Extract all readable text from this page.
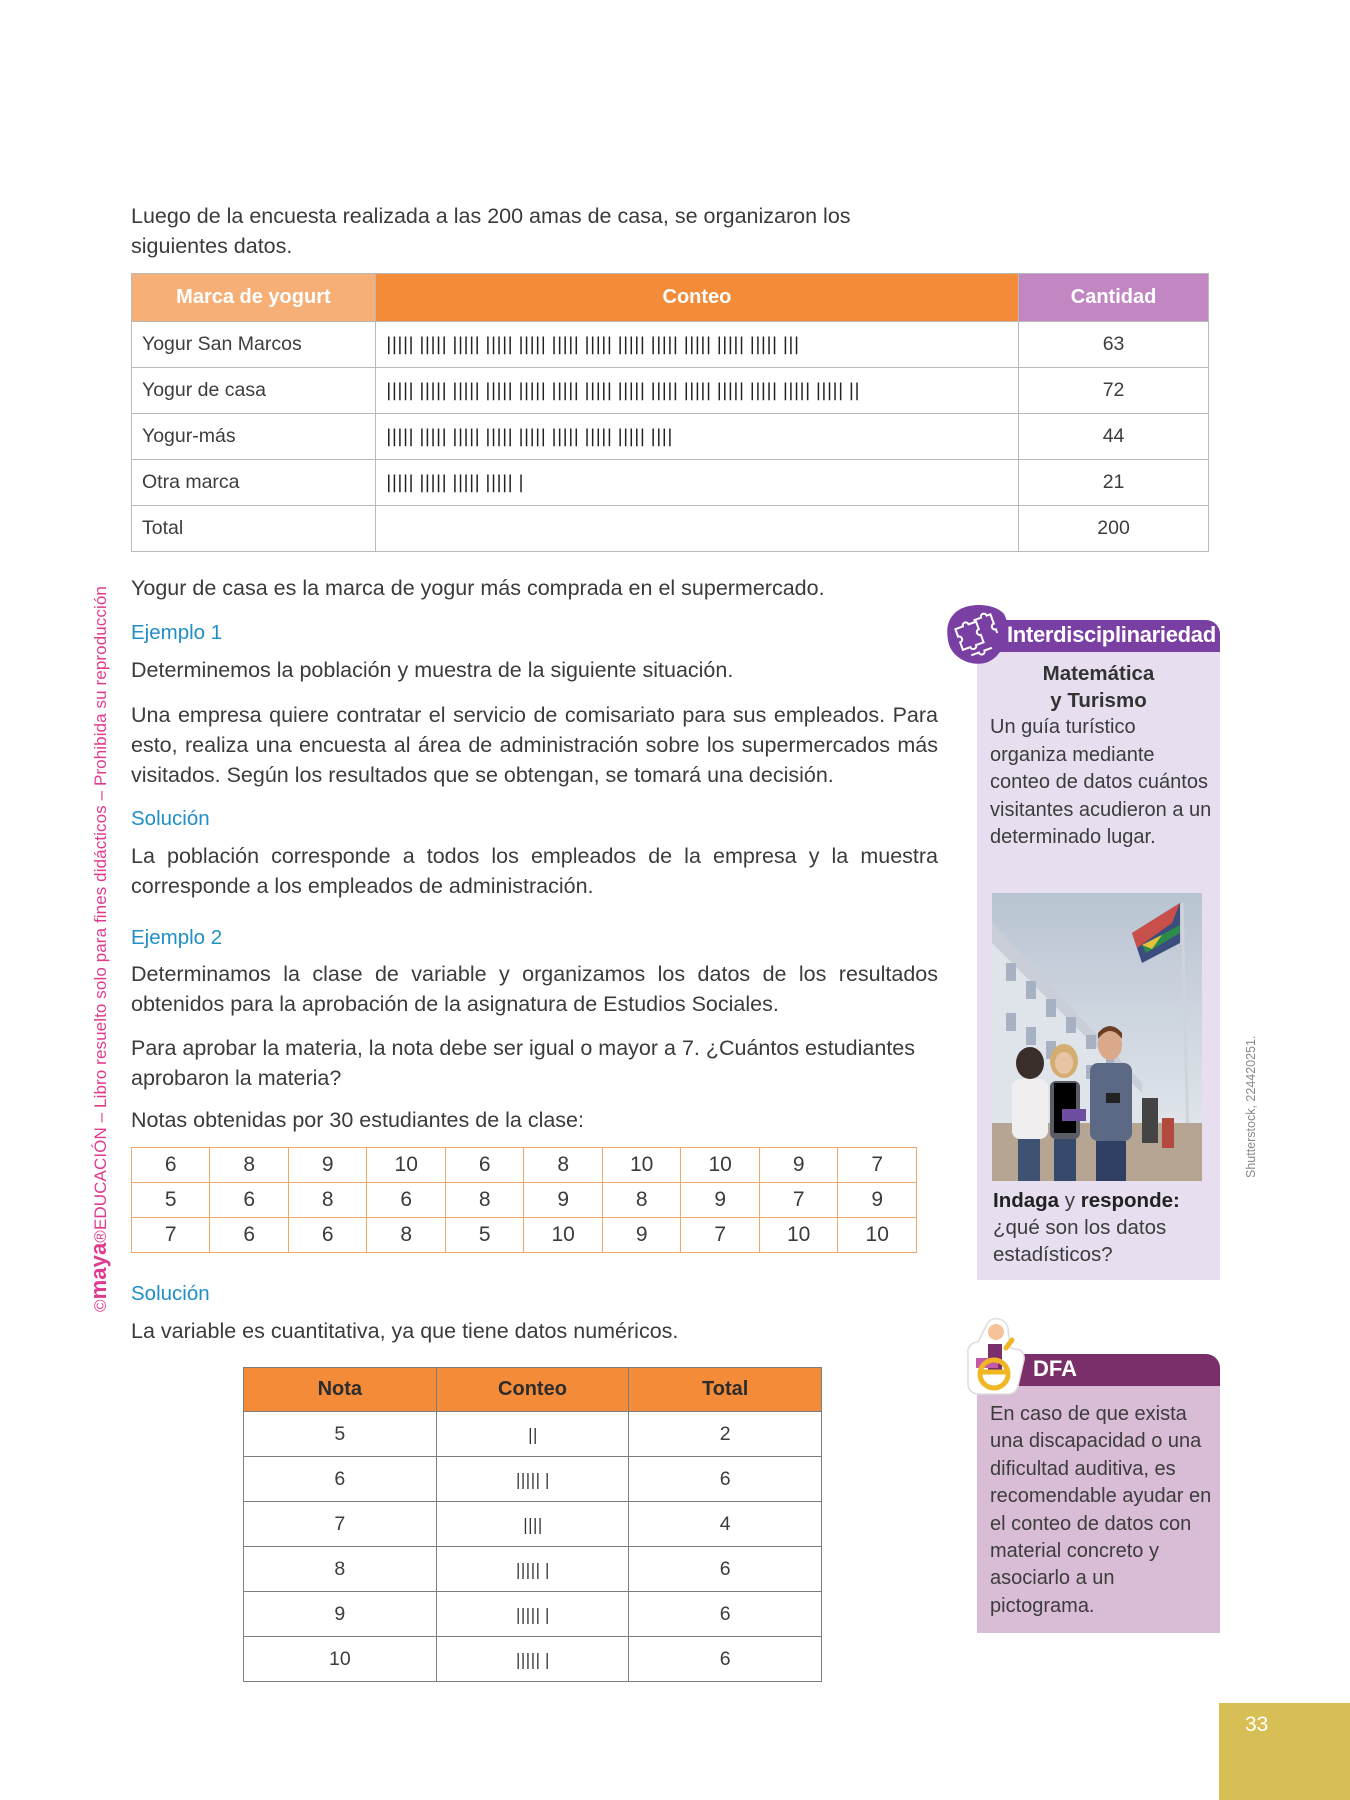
©maya®EDUCACIÓN – Libro resuelto solo para fines didácticos – Prohibida su reproducción

Luego de la encuesta realizada a las 200 amas de casa, se organizaron los siguientes datos.

Marca de yogurt	Conteo	Cantidad
Yogur San Marcos	||||| ||||| ||||| ||||| ||||| ||||| ||||| ||||| ||||| ||||| ||||| ||||| |||	63
Yogur de casa	||||| ||||| ||||| ||||| ||||| ||||| ||||| ||||| ||||| ||||| ||||| ||||| ||||| ||||| ||	72
Yogur-más	||||| ||||| ||||| ||||| ||||| ||||| ||||| ||||| ||||	44
Otra marca	||||| ||||| ||||| ||||| |	21
Total		200

Yogur de casa es la marca de yogur más comprada en el supermercado.

Ejemplo 1

Determinemos la población y muestra de la siguiente situación.

Una empresa quiere contratar el servicio de comisariato para sus empleados. Para esto, realiza una encuesta al área de administración sobre los supermercados más visitados. Según los resultados que se obtengan, se tomará una decisión.

Solución

La población corresponde a todos los empleados de la empresa y la muestra corresponde a los empleados de administración.

Ejemplo 2

Determinamos la clase de variable y organizamos los datos de los resultados obtenidos para la aprobación de la asignatura de Estudios Sociales.

Para aprobar la materia, la nota debe ser igual o mayor a 7. ¿Cuántos estudiantes aprobaron la materia?

Notas obtenidas por 30 estudiantes de la clase:

6	8	9	10	6	8	10	10	9	7
5	6	8	6	8	9	8	9	7	9
7	6	6	8	5	10	9	7	10	10
Solución

La variable es cuantitativa, ya que tiene datos numéricos.

Nota	Conteo	Total
5	||	2
6	||||| |	6
7	||||	4
8	||||| |	6
9	||||| |	6
10	||||| |	6
Interdisciplinariedad
Matemática
y Turismo

Un guía turístico organiza mediante conteo de datos cuántos visitantes acudieron a un determinado lugar.

Indaga y responde:
¿qué son los datos estadísticos?
Shutterstock, 224420251.
DFA

En caso de que exista una discapacidad o una dificultad auditiva, es recomendable ayudar en el conteo de datos con material concreto y asociarlo a un pictograma.

33
